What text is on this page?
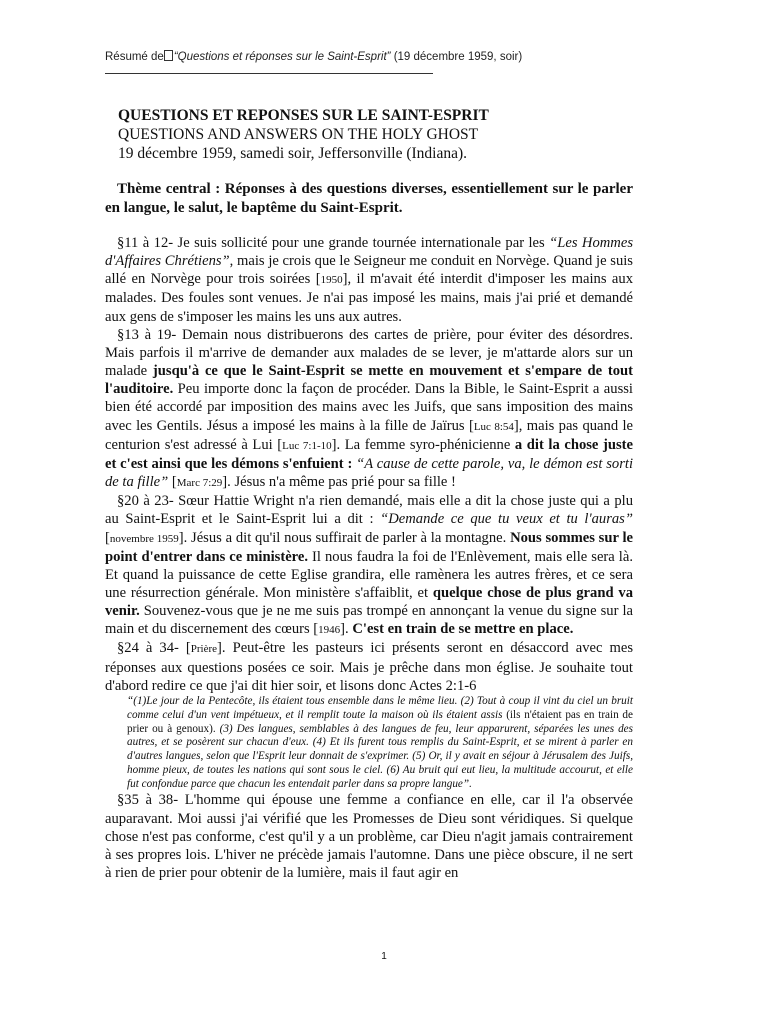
Résumé de “Questions et réponses sur le Saint-Esprit” (19 décembre 1959, soir)
QUESTIONS ET REPONSES SUR LE SAINT-ESPRIT
QUESTIONS AND ANSWERS ON THE HOLY GHOST
19 décembre 1959, samedi soir, Jeffersonville (Indiana).
Thème central : Réponses à des questions diverses, essentiellement sur le parler en langue, le salut, le baptême du Saint-Esprit.

§11 à 12- Je suis sollicité pour une grande tournée internationale par les “Les Hommes d'Affaires Chrétiens”, mais je crois que le Seigneur me conduit en Norvège. Quand je suis allé en Norvège pour trois soirées [1950], il m'avait été interdit d'imposer les mains aux malades. Des foules sont venues. Je n'ai pas imposé les mains, mais j'ai prié et demandé aux gens de s'imposer les mains les uns aux autres.

§13 à 19- Demain nous distribuerons des cartes de prière, pour éviter des désordres. Mais parfois il m'arrive de demander aux malades de se lever, je m'attarde alors sur un malade jusqu'à ce que le Saint-Esprit se mette en mouvement et s'empare de tout l'auditoire. Peu importe donc la façon de procéder. Dans la Bible, le Saint-Esprit a aussi bien été accordé par imposition des mains avec les Juifs, que sans imposition des mains avec les Gentils. Jésus a imposé les mains à la fille de Jaïrus [Luc 8:54], mais pas quand le centurion s'est adressé à Lui [Luc 7:1-10]. La femme syro-phénicienne a dit la chose juste et c'est ainsi que les démons s'enfuient : “A cause de cette parole, va, le démon est sorti de ta fille” [Marc 7:29]. Jésus n'a même pas prié pour sa fille !

§20 à 23- Sœur Hattie Wright n'a rien demandé, mais elle a dit la chose juste qui a plu au Saint-Esprit et le Saint-Esprit lui a dit : “Demande ce que tu veux et tu l'auras” [novembre 1959]. Jésus a dit qu'il nous suffirait de parler à la montagne. Nous sommes sur le point d'entrer dans ce ministère. Il nous faudra la foi de l'Enlèvement, mais elle sera là. Et quand la puissance de cette Eglise grandira, elle ramènera les autres frères, et ce sera une résurrection générale. Mon ministère s'affaiblit, et quelque chose de plus grand va venir. Souvenez-vous que je ne me suis pas trompé en annonçant la venue du signe sur la main et du discernement des cœurs [1946]. C'est en train de se mettre en place.

§24 à 34- [Prière]. Peut-être les pasteurs ici présents seront en désaccord avec mes réponses aux questions posées ce soir. Mais je prêche dans mon église. Je souhaite tout d'abord redire ce que j'ai dit hier soir, et lisons donc Actes 2:1-6

“(1)Le jour de la Pentecôte, ils étaient tous ensemble dans le même lieu. (2) Tout à coup il vint du ciel un bruit comme celui d'un vent impétueux, et il remplit toute la maison où ils étaient assis (ils n'étaient pas en train de prier ou à genoux). (3) Des langues, semblables à des langues de feu, leur apparurent, séparées les unes des autres, et se posèrent sur chacun d'eux. (4) Et ils furent tous remplis du Saint-Esprit, et se mirent à parler en d'autres langues, selon que l'Esprit leur donnait de s'exprimer. (5) Or, il y avait en séjour à Jérusalem des Juifs, homme pieux, de toutes les nations qui sont sous le ciel. (6) Au bruit qui eut lieu, la multitude accourut, et elle fut confondue parce que chacun les entendait parler dans sa propre langue”.

§35 à 38- L'homme qui épouse une femme a confiance en elle, car il l'a observée auparavant. Moi aussi j'ai vérifié que les Promesses de Dieu sont véridiques. Si quelque chose n'est pas conforme, c'est qu'il y a un problème, car Dieu n'agit jamais contrairement à ses propres lois. L'hiver ne précède jamais l'automne. Dans une pièce obscure, il ne sert à rien de prier pour obtenir de la lumière, mais il faut agir en

1
